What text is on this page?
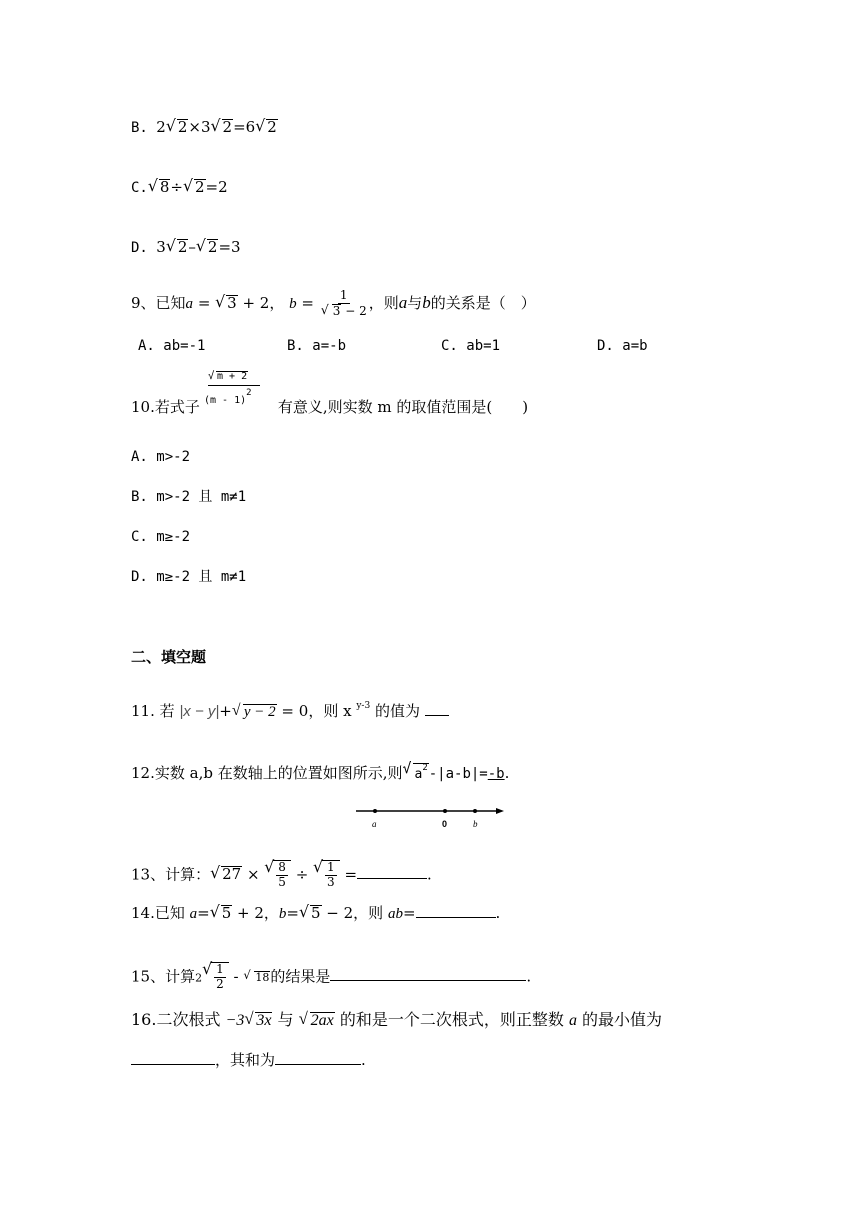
B. 2 √ 2×3 √ 2=6 √ 2
C. √ 8÷ √ 2=2
D. 3 √ 2– √ 2=3
9、已知a = √ 3 + 2， b = 1
√ 3 − 2 ，则a与b的关系是（　）
A. ab=-1	B. a=-b	C. ab=1	D. a=b
√ m + 2
(m - 1)$^2$
10.若式子	有意义,则实数 m 的取值范围是(　　)
A. m>-2
B. m>-2 且 m≠1
C. m≥-2
D. m≥-2 且 m≠1
二、填空题
11. 若 |x − y|+ √ y − 2 = 0，则 x $^{y-3}$ 的值为
12.实数 a,b 在数轴上的位置如图所示,则 √ $a^2-|a-b|=-b$.
a	0	b
13、计算： √ 27 × √ $\frac{8}{5}$ ÷ √ $\frac{1}{3}$ =	.
14.已知 a= √ 5 + 2，b= √ 5 − 2，则 ab=	.
15、计算2 √ $\frac{1}{2}$ - √ 18的结果是	.
16.二次根式 −3 √ 3x 与 √ 2ax 的和是一个二次根式，则正整数 a 的最小值为
，其和为	.
